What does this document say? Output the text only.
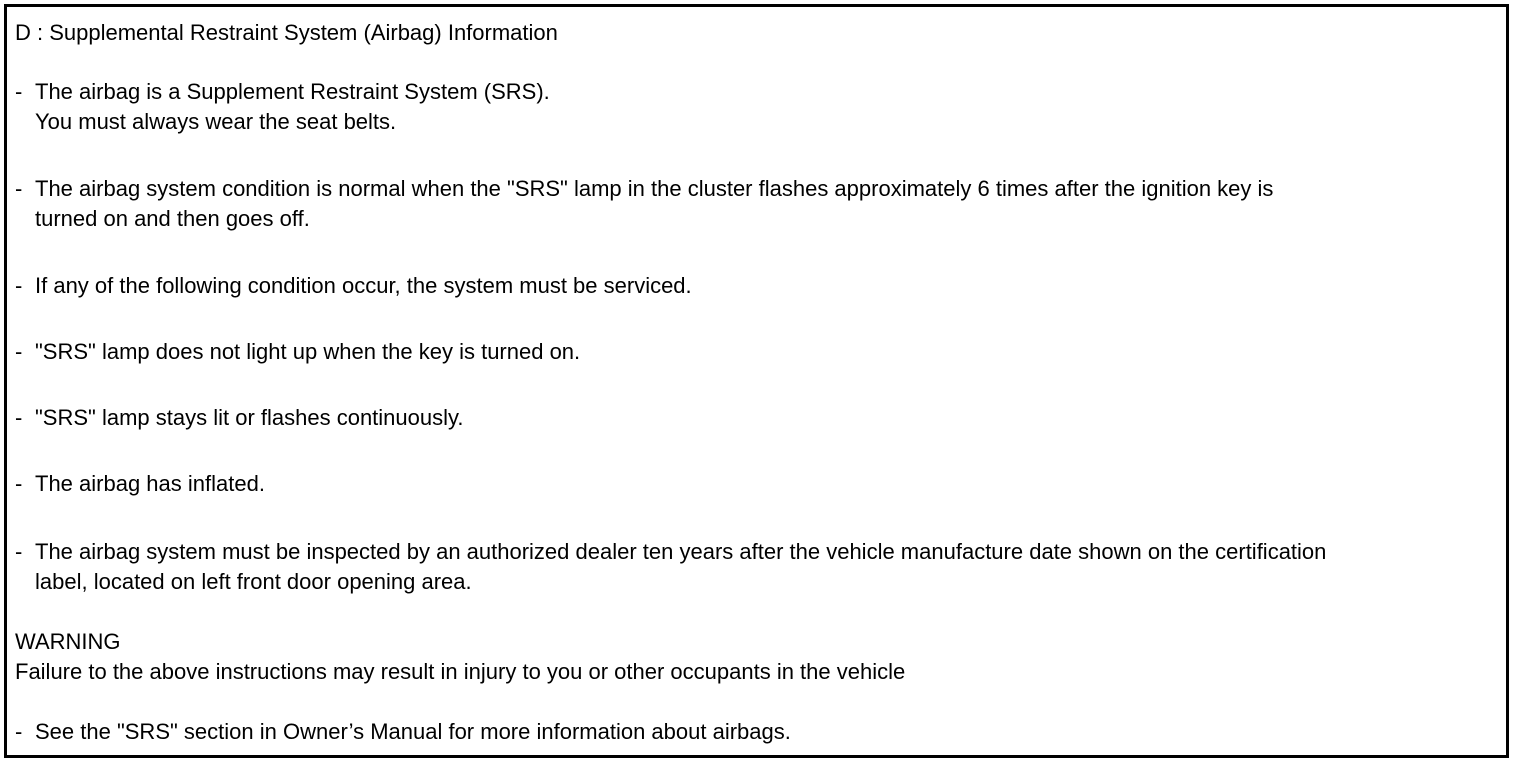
D : Supplemental Restraint System (Airbag) Information
- The airbag is a Supplement Restraint System (SRS).
You must always wear the seat belts.
- The airbag system condition is normal when the "SRS" lamp in the cluster flashes approximately 6 times after the ignition key is
turned on and then goes off.
- If any of the following condition occur, the system must be serviced.
- "SRS" lamp does not light up when the key is turned on.
- "SRS" lamp stays lit or flashes continuously.
- The airbag has inflated.
- The airbag system must be inspected by an authorized dealer ten years after the vehicle manufacture date shown on the certification
label, located on left front door opening area.
WARNING
Failure to the above instructions may result in injury to you or other occupants in the vehicle
- See the "SRS" section in Owner’s Manual for more information about airbags.
